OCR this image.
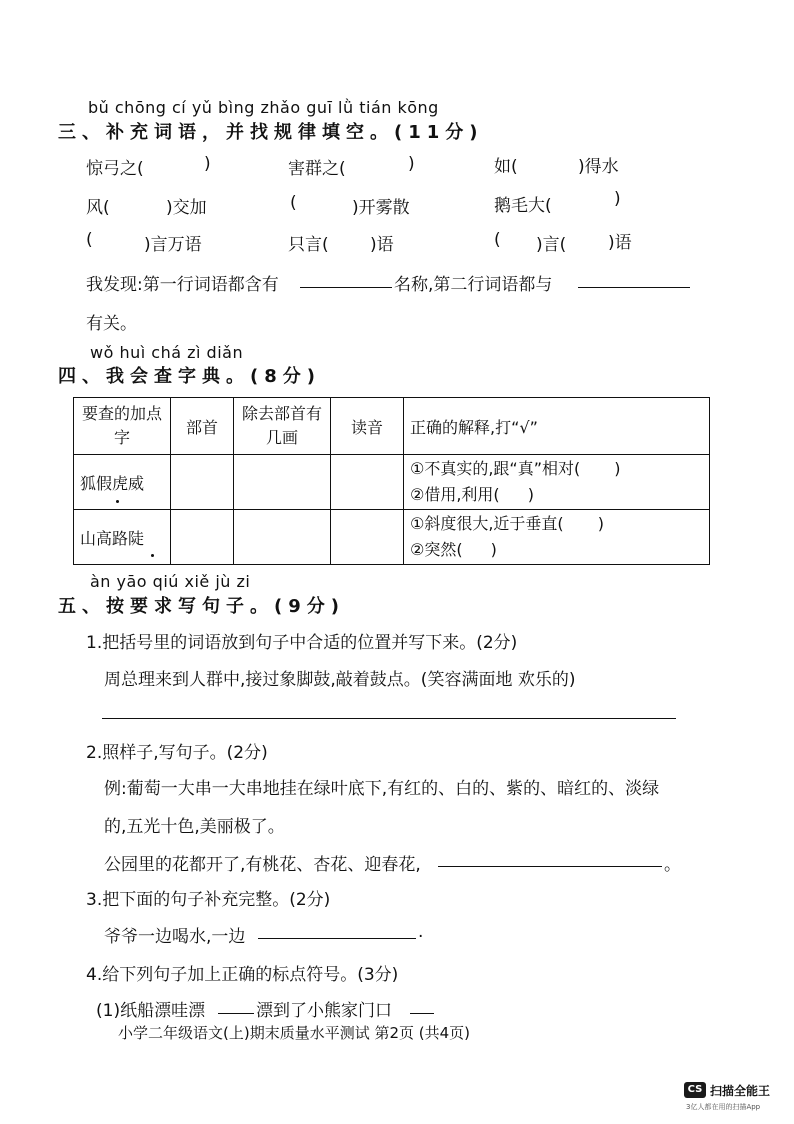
bǔ chōng cí yǔ bìng zhǎo guī lǜ tián kōng
三、补充词语，并找规律填空。(11分)
惊弓之(	)	害群之(	)	如(	)得水
风(	)交加	(	)开雾散	鹅毛大(	)
(	)言万语	只言( )语	( )言( )语
我发现:第一行词语都含有	名称,第二行词语都与
有关。
wǒ huì chá zì diǎn
四、我会查字典。(8分)
要查的加点字	部首	除去部首有几画	读音	正确的解释,打“√”
狐假虎威				①不真实的,跟“真”相对( )
②借用,利用( )

山高路陡				①斜度很大,近于垂直( )
②突然( )
àn yāo qiú xiě jù zi
五、按要求写句子。(9分)
1.把括号里的词语放到句子中合适的位置并写下来。(2分)
周总理来到人群中,接过象脚鼓,敲着鼓点。(笑容满面地 欢乐的)
2.照样子,写句子。(2分)
例:葡萄一大串一大串地挂在绿叶底下,有红的、白的、紫的、暗红的、淡绿
的,五光十色,美丽极了。
公园里的花都开了,有桃花、杏花、迎春花,	。
3.把下面的句子补充完整。(2分)
爷爷一边喝水,一边	.
4.给下列句子加上正确的标点符号。(3分)
(1)纸船漂哇漂	漂到了小熊家门口
小学二年级语文(上)期末质量水平测试 第2页 (共4页)
CS 扫描全能王
3亿人都在用的扫描App
